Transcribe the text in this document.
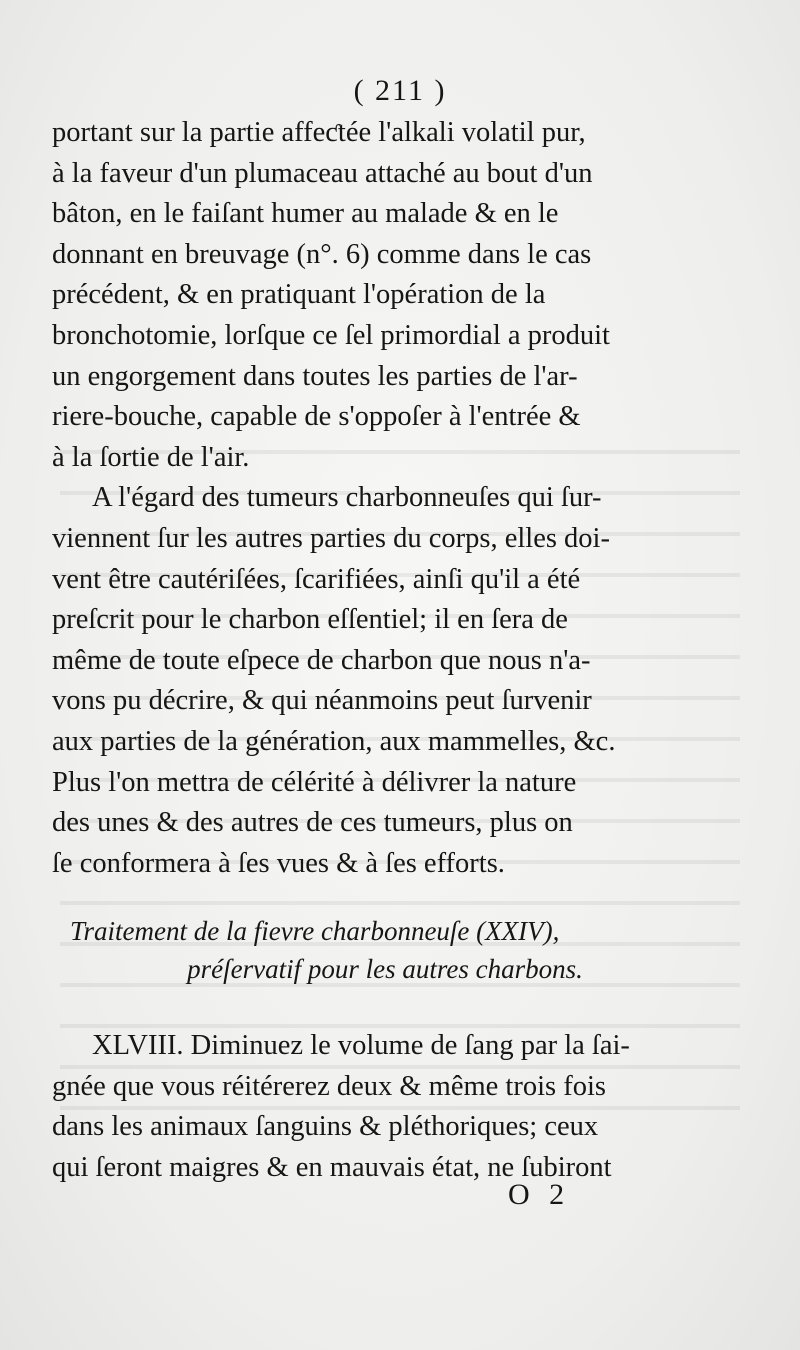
( 211 )
portant sur la partie affeƈtée l'alkali volatil pur,
à la faveur d'un plumaceau attaché au bout d'un
bâton, en le faiſant humer au malade & en le
donnant en breuvage (n°. 6) comme dans le cas
précédent, & en pratiquant l'opération de la
bronchotomie, lorſque ce ſel primordial a produit
un engorgement dans toutes les parties de l'ar-
riere-bouche, capable de s'oppoſer à l'entrée &
à la ſortie de l'air.
A l'égard des tumeurs charbonneuſes qui ſur-
viennent ſur les autres parties du corps, elles doi-
vent être cautériſées, ſcarifiées, ainſi qu'il a été
preſcrit pour le charbon eſſentiel; il en ſera de
même de toute eſpece de charbon que nous n'a-
vons pu décrire, & qui néanmoins peut ſurvenir
aux parties de la génération, aux mammelles, &c.
Plus l'on mettra de célérité à délivrer la nature
des unes & des autres de ces tumeurs, plus on
ſe conformera à ſes vues & à ſes efforts.
Traitement de la fievre charbonneuſe (XXIV),
préſervatif pour les autres charbons.
XLVIII. Diminuez le volume de ſang par la ſai-
gnée que vous réitérerez deux & même trois fois
dans les animaux ſanguins & pléthoriques; ceux
qui ſeront maigres & en mauvais état, ne ſubiront
O 2
